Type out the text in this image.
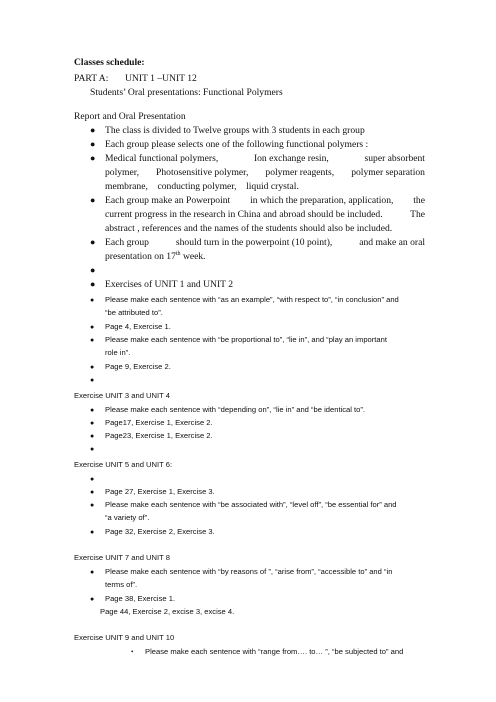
Classes schedule:
PART A: UNIT 1 –UNIT 12
Students’ Oral presentations: Functional Polymers
Report and Oral Presentation
● The class is divided to Twelve groups with 3 students in each group
● Each group please selects one of the following functional polymers :
● Medical functional polymers,	Ion exchange resin,	super absorbent
polymer, Photosensitive polymer, polymer reagents, polymer separation
membrane,    conducting polymer,    liquid crystal.
● Each group make an Powerpoint in which the preparation, application, the
current progress in the research in China and abroad should be included.	The
abstract , references and the names of the students should also be included.
● Each group	should turn in the powerpoint (10 point),	and make an oral
presentation on 17th week.
●
● Exercises of UNIT 1 and UNIT 2
● Please make each sentence with “as an example”, “with respect to”, “in conclusion” and
“be attributed to”.
● Page 4, Exercise 1.
● Please make each sentence with “be proportional to”, “lie in”, and “play an important
role in”.
● Page 9, Exercise 2.
●
Exercise UNIT 3 and UNIT 4
● Please make each sentence with “depending on”, “lie in” and “be identical to”.
● Page17, Exercise 1, Exercise 2.
● Page23, Exercise 1, Exercise 2.
●
Exercise UNIT 5 and UNIT 6:
●
● Page 27, Exercise 1, Exercise 3.
● Please make each sentence with “be associated with”, “level off”, “be essential for” and
“a variety of”.
● Page 32, Exercise 2, Exercise 3.
Exercise UNIT 7 and UNIT 8
● Please make each sentence with “by reasons of ”, “arise from”, “accessible to” and “in
terms of”.
● Page 38, Exercise 1.
Page 44, Exercise 2, excise 3, excise 4.
Exercise UNIT 9 and UNIT 10
• Please make each sentence with “range from…. to… ”, “be subjected to” and
